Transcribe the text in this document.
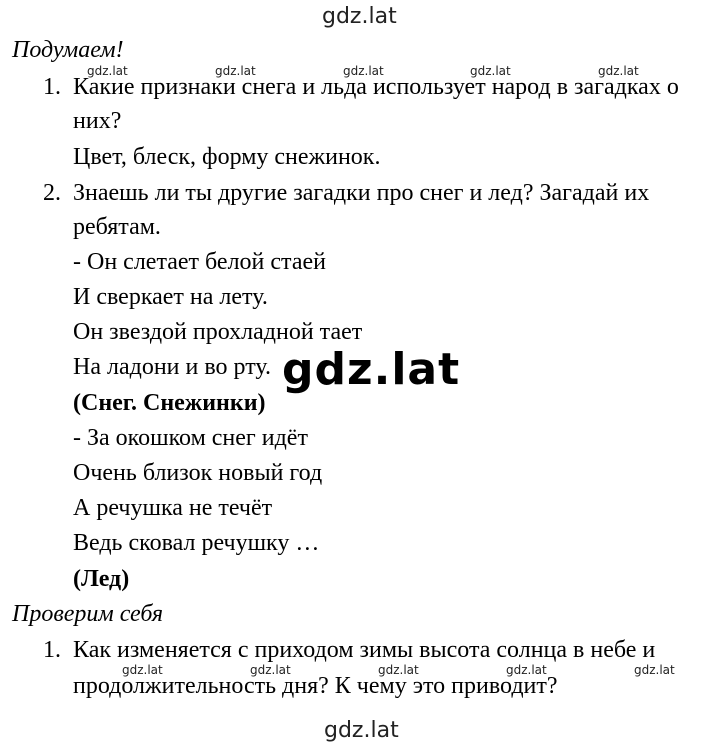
gdz.lat
gdz.lat	gdz.lat	gdz.lat	gdz.lat	gdz.lat
Подумаем!
1. Какие признаки снега и льда использует народ в загадках о
них?
Цвет, блеск, форму снежинок.
2. Знаешь ли ты другие загадки про снег и лед? Загадай их
ребятам.
- Он слетает белой стаей
И сверкает на лету.
Он звездой прохладной тает
На ладони и во рту.
(Снег. Снежинки)
gdz.lat
- За окошком снег идёт
Очень близок новый год
А речушка не течёт
Ведь сковал речушку …
(Лед)
Проверим себя
1. Как изменяется с приходом зимы высота солнца в небе и
продолжительность дня? К чему это приводит?
gdz.lat	gdz.lat	gdz.lat	gdz.lat	gdz.lat
gdz.lat
